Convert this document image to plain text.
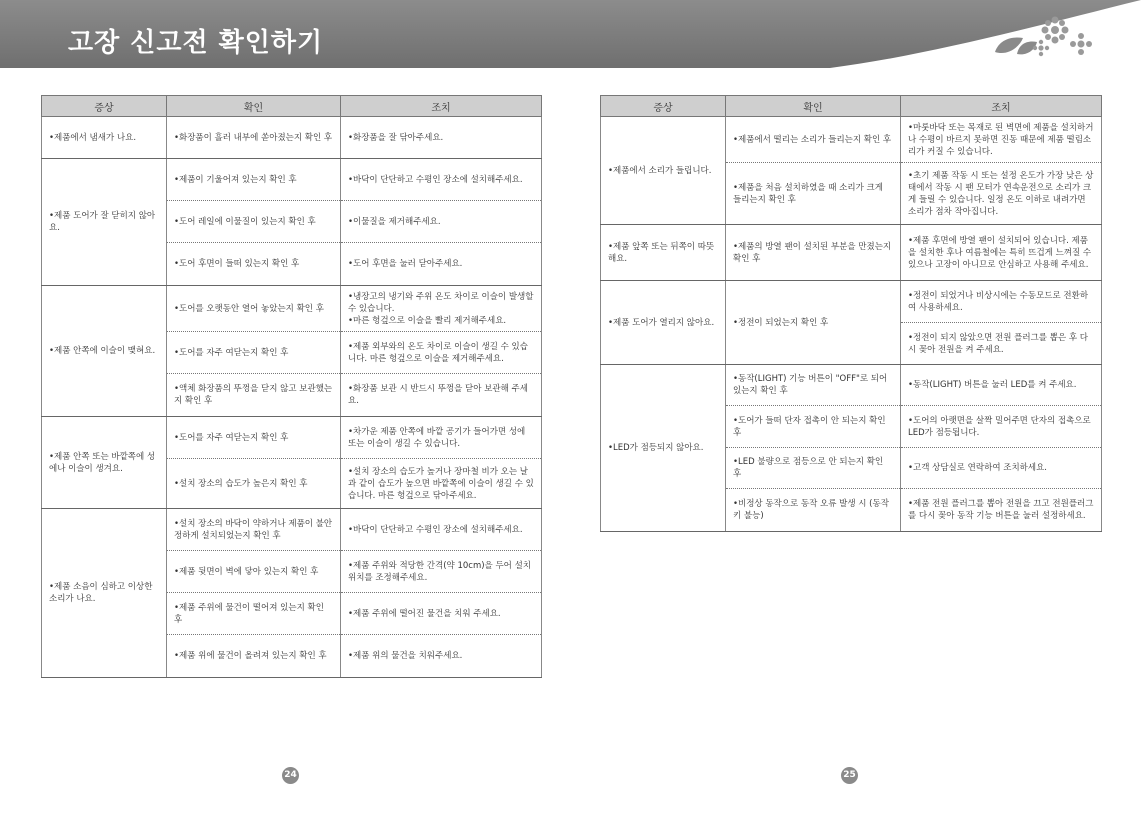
고장 신고전 확인하기
증상	확인	조치
•제품에서 냄새가 나요.	•화장품이 흘러 내부에 쏟아졌는지 확인 후	•화장품을 잘 닦아주세요.
•제품 도어가 잘 닫히지 않아요.	•제품이 기울어져 있는지 확인 후	•바닥이 단단하고 수평인 장소에 설치해주세요.
	•도어 레일에 이물질이 있는지 확인 후	•이물질을 제거해주세요.
	•도어 후면이 들떠 있는지 확인 후	•도어 후면을 눌러 닫아주세요.
•제품 안쪽에 이슬이 맺혀요.	•도어를 오랫동안 열어 놓았는지 확인 후	•냉장고의 냉기와 주위 온도 차이로 이슬이 발생할 수 있습니다.
•마른 헝겊으로 이슬을 빨리 제거해주세요.
	•도어를 자주 여닫는지 확인 후	•제품 외부와의 온도 차이로 이슬이 생길 수 있습니다. 마른 헝겊으로 이슬을 제거해주세요.
	•액체 화장품의 뚜껑을 닫지 않고 보관했는지 확인 후	•화장품 보관 시 반드시 뚜껑을 닫아 보관해 주세요.
•제품 안쪽 또는 바깥쪽에 성에나 이슬이 생겨요.	•도어를 자주 여닫는지 확인 후	•차가운 제품 안쪽에 바깥 공기가 들어가면 성에 또는 이슬이 생길 수 있습니다.
	•설치 장소의 습도가 높은지 확인 후	•설치 장소의 습도가 높거나 장마철 비가 오는 날과 같이 습도가 높으면 바깥쪽에 이슬이 생길 수 있습니다. 마른 헝겊으로 닦아주세요.
•제품 소음이 심하고 이상한 소리가 나요.	•설치 장소의 바닥이 약하거나 제품이 불안정하게 설치되었는지 확인 후	•바닥이 단단하고 수평인 장소에 설치해주세요.
	•제품 뒷면이 벽에 닿아 있는지 확인 후	•제품 주위와 적당한 간격(약 10cm)을 두어 설치 위치를 조정해주세요.
	•제품 주위에 물건이 떨어져 있는지 확인 후	•제품 주위에 떨어진 물건을 치워 주세요.
	•제품 위에 물건이 올려져 있는지 확인 후	•제품 위의 물건을 치워주세요.
증상	확인	조치
•제품에서 소리가 들립니다.	•제품에서 떨리는 소리가 들리는지 확인 후	•마룻바닥 또는 목재로 된 벽면에 제품을 설치하거나 수평이 바르지 못하면 진동 때문에 제품 떨림소리가 커질 수 있습니다.
	•제품을 처음 설치하였을 때 소리가 크게 들리는지 확인 후	•초기 제품 작동 시 또는 설정 온도가 가장 낮은 상태에서 작동 시 팬 모터가 연속운전으로 소리가 크게 들릴 수 있습니다. 일정 온도 이하로 내려가면 소리가 점차 작아집니다.
•제품 앞쪽 또는 뒤쪽이 따뜻해요.	•제품의 방열 팬이 설치된 부분을 만졌는지 확인 후	•제품 후면에 방열 팬이 설치되어 있습니다. 제품을 설치한 후나 여름철에는 특히 뜨겁게 느껴질 수 있으나 고장이 아니므로 안심하고 사용해 주세요.
•제품 도어가 열리지 않아요.	•정전이 되었는지 확인 후	•정전이 되었거나 비상시에는 수동모드로 전환하여 사용하세요.
		•정전이 되지 않았으면 전원 플러그를 뽑은 후 다시 꽂아 전원을 켜 주세요.
•LED가 점등되지 않아요.	•동작(LIGHT) 기능 버튼이 "OFF"로 되어 있는지 확인 후	•동작(LIGHT) 버튼을 눌러 LED를 켜 주세요.
	•도어가 들떠 단자 접촉이 안 되는지 확인 후	•도어의 아랫면을 살짝 밀어주면 단자의 접촉으로 LED가 점등됩니다.
	•LED 불량으로 점등으로 안 되는지 확인 후	•고객 상담실로 연락하여 조치하세요.
	•비정상 동작으로 동작 오류 발생 시 (동작키 불능)	•제품 전원 플러그를 뽑아 전원을 끄고 전원플러그를 다시 꽂아 동작 기능 버튼을 눌러 설정하세요.
24	25
